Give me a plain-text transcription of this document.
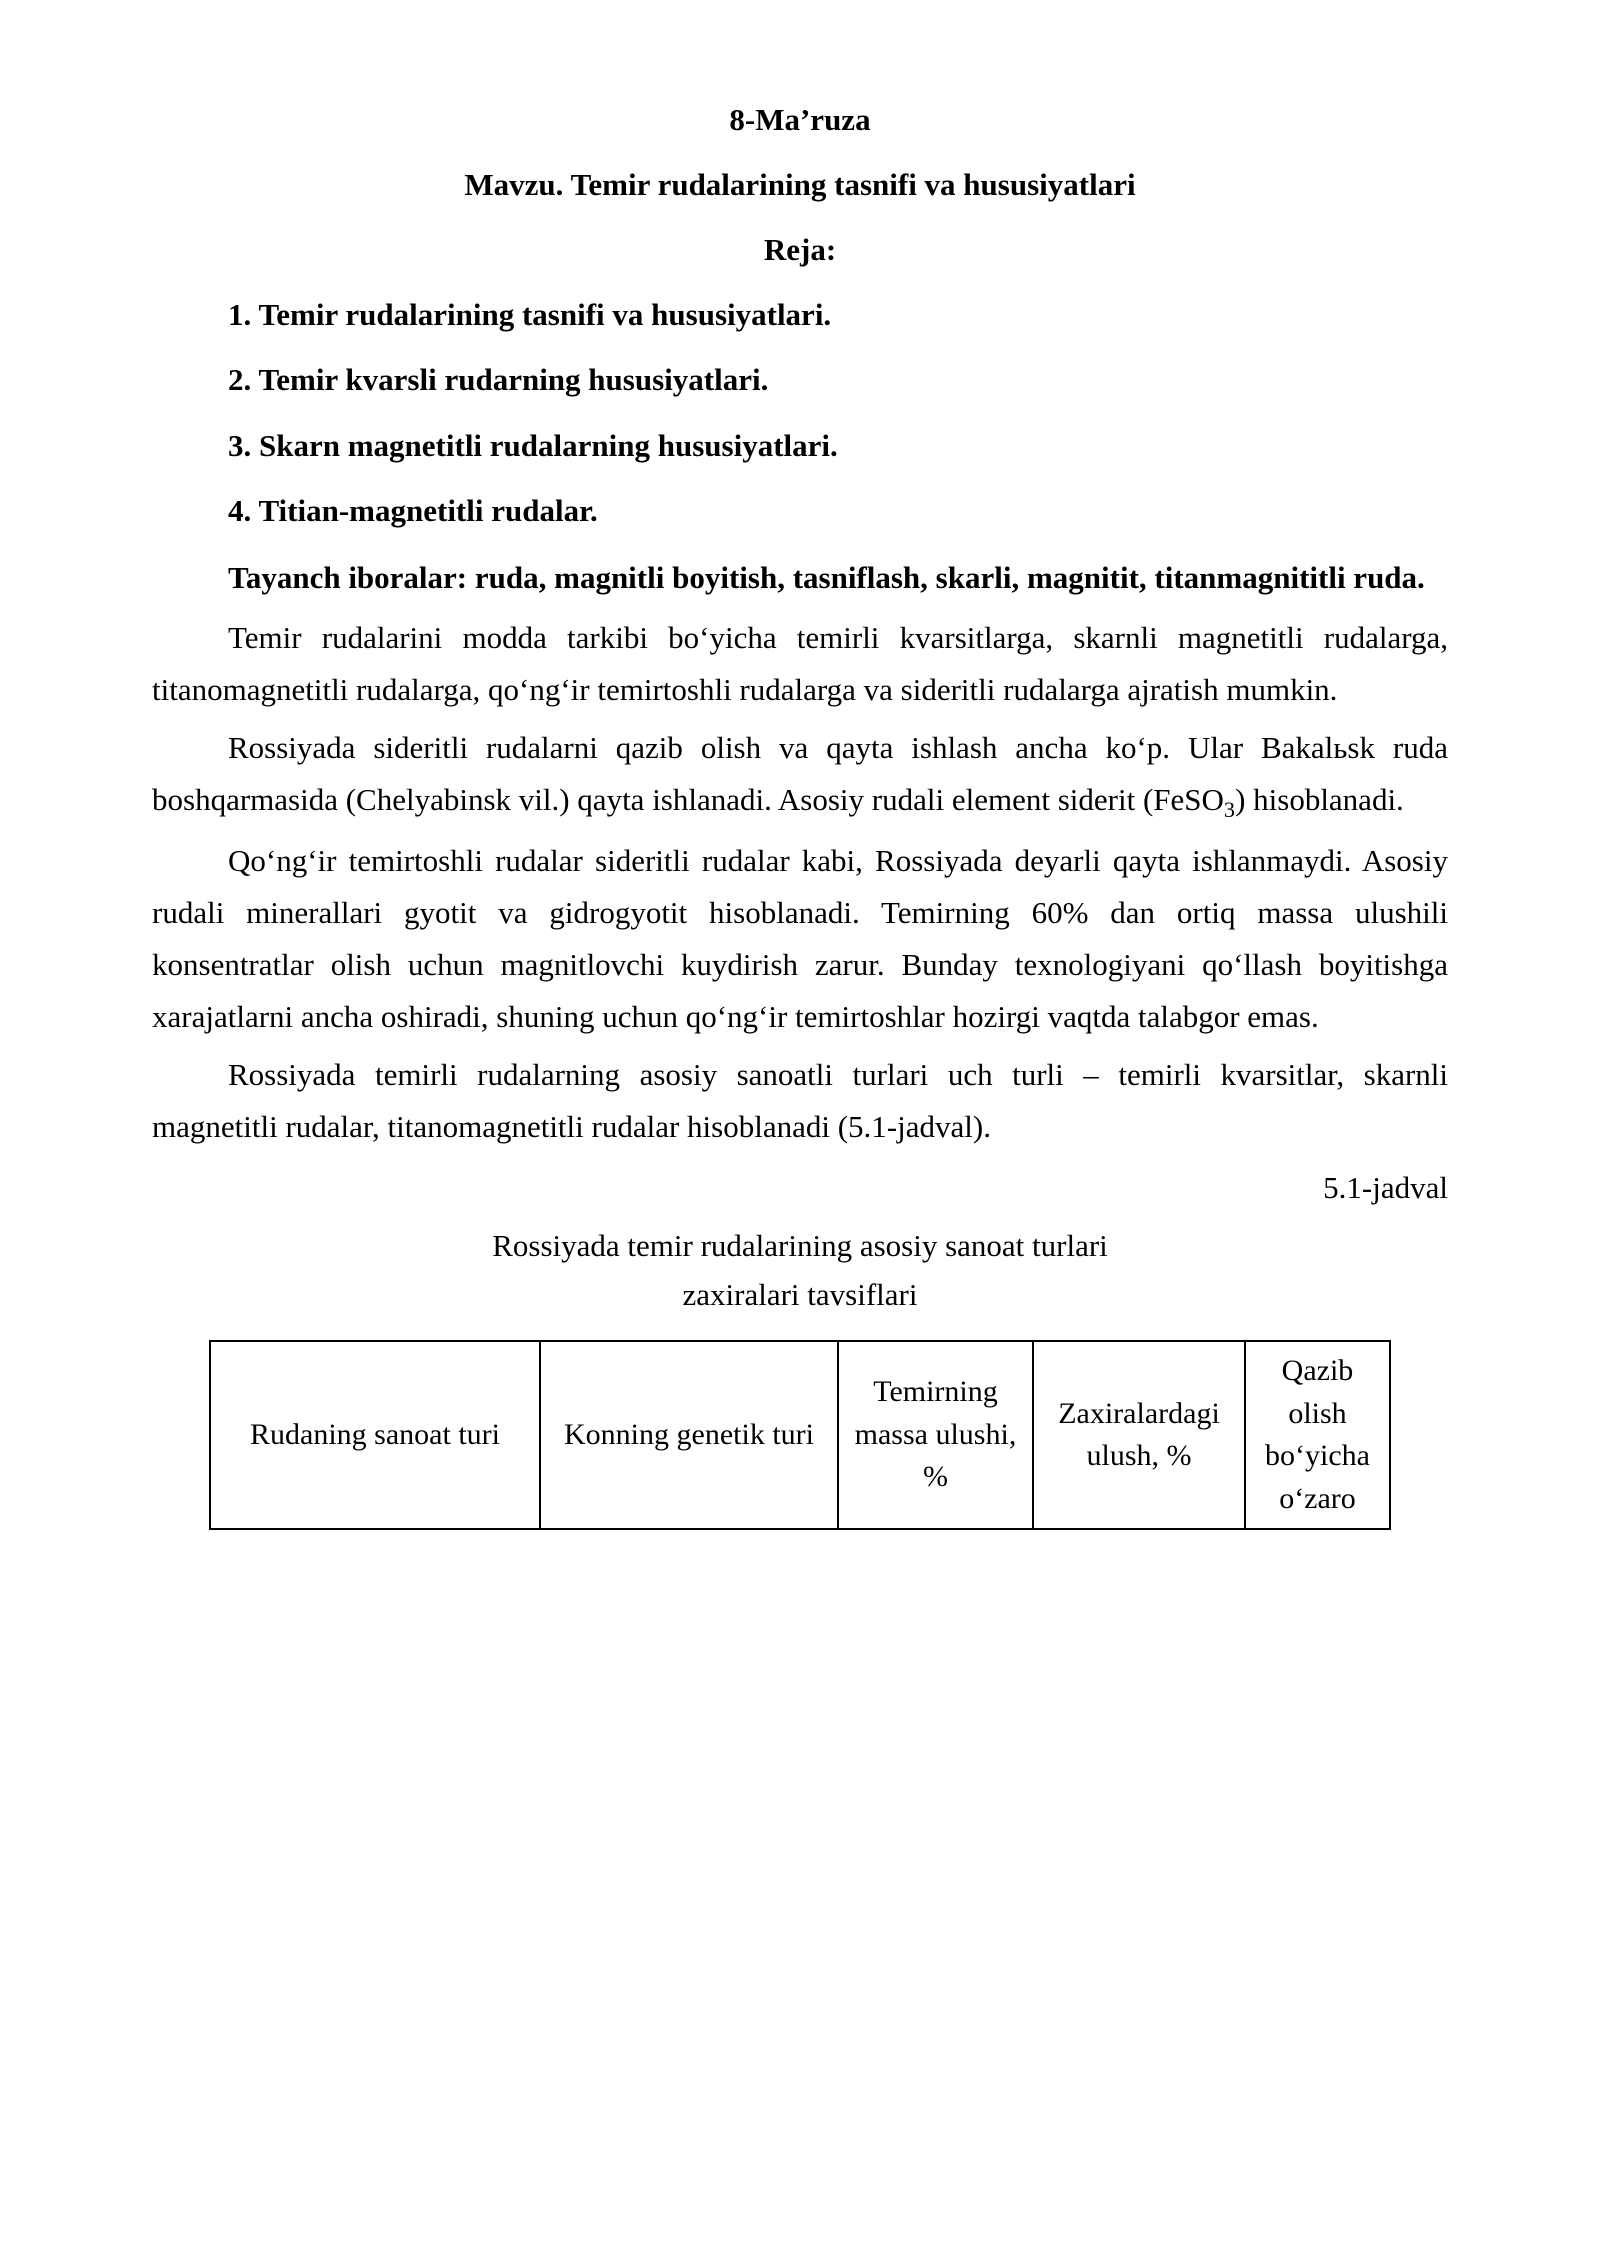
8-Ma’ruza
Mavzu. Temir rudalarining tasnifi va hususiyatlari
Reja:
1. Temir rudalarining tasnifi va hususiyatlari.
2. Temir kvarsli rudarning hususiyatlari.
3. Skarn magnetitli rudalarning hususiyatlari.
4. Titian-magnetitli rudalar.
Tayanch iboralar: ruda, magnitli boyitish, tasniflash, skarli, magnitit, titanmagnititli ruda.

Temir rudalarini modda tarkibi bo‘yicha temirli kvarsitlarga, skarnli magnetitli rudalarga, titanomagnetitli rudalarga, qo‘ng‘ir temirtoshli rudalarga va sideritli rudalarga ajratish mumkin.

Rossiyada sideritli rudalarni qazib olish va qayta ishlash ancha ko‘p. Ular Bakalьsk ruda boshqarmasida (Chelyabinsk vil.) qayta ishlanadi. Asosiy rudali element siderit (FeSO$_3$) hisoblanadi.

Qo‘ng‘ir temirtoshli rudalar sideritli rudalar kabi, Rossiyada deyarli qayta ishlanmaydi. Asosiy rudali minerallari gyotit va gidrogyotit hisoblanadi. Temirning 60% dan ortiq massa ulushili konsentratlar olish uchun magnitlovchi kuydirish zarur. Bunday texnologiyani qo‘llash boyitishga xarajatlarni ancha oshiradi, shuning uchun qo‘ng‘ir temirtoshlar hozirgi vaqtda talabgor emas.

Rossiyada temirli rudalarning asosiy sanoatli turlari uch turli – temirli kvarsitlar, skarnli magnetitli rudalar, titanomagnetitli rudalar hisoblanadi (5.1-jadval).

5.1-jadval
Rossiyada temir rudalarining asosiy sanoat turlari
zaxiralari tavsiflari
Rudaning sanoat turi	Konning genetik turi	Temirning massa ulushi, %	Zaxiralardagi ulush, %	Qazib olish bo‘yicha o‘zaro
